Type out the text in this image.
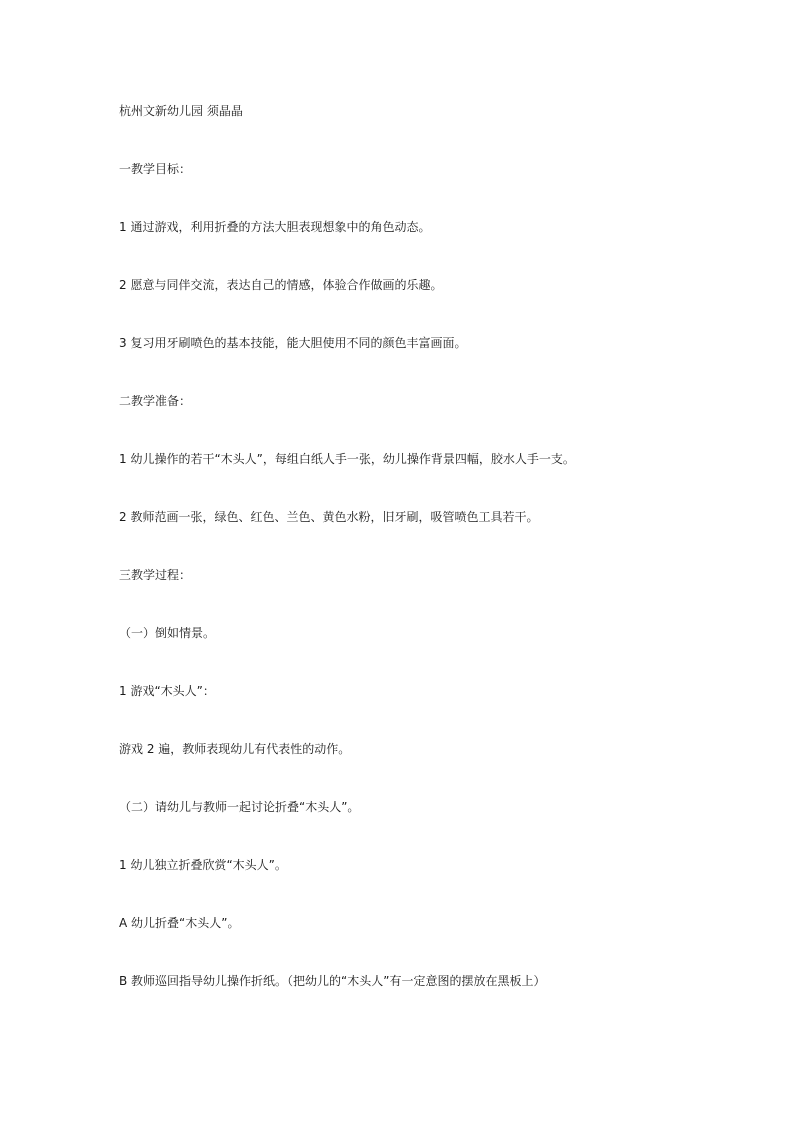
杭州文新幼儿园 须晶晶
一教学目标：
1 通过游戏，利用折叠的方法大胆表现想象中的角色动态。
2 愿意与同伴交流，表达自己的情感，体验合作做画的乐趣。
3 复习用牙刷喷色的基本技能，能大胆使用不同的颜色丰富画面。
二教学准备：
1 幼儿操作的若干“木头人”，每组白纸人手一张，幼儿操作背景四幅，胶水人手一支。
2 教师范画一张，绿色、红色、兰色、黄色水粉，旧牙刷，吸管喷色工具若干。
三教学过程：
（一）倒如情景。
1 游戏“木头人”：
游戏 2 遍，教师表现幼儿有代表性的动作。
（二）请幼儿与教师一起讨论折叠“木头人”。
1 幼儿独立折叠欣赏“木头人”。
A 幼儿折叠“木头人”。
B 教师巡回指导幼儿操作折纸。（把幼儿的“木头人”有一定意图的摆放在黑板上）
